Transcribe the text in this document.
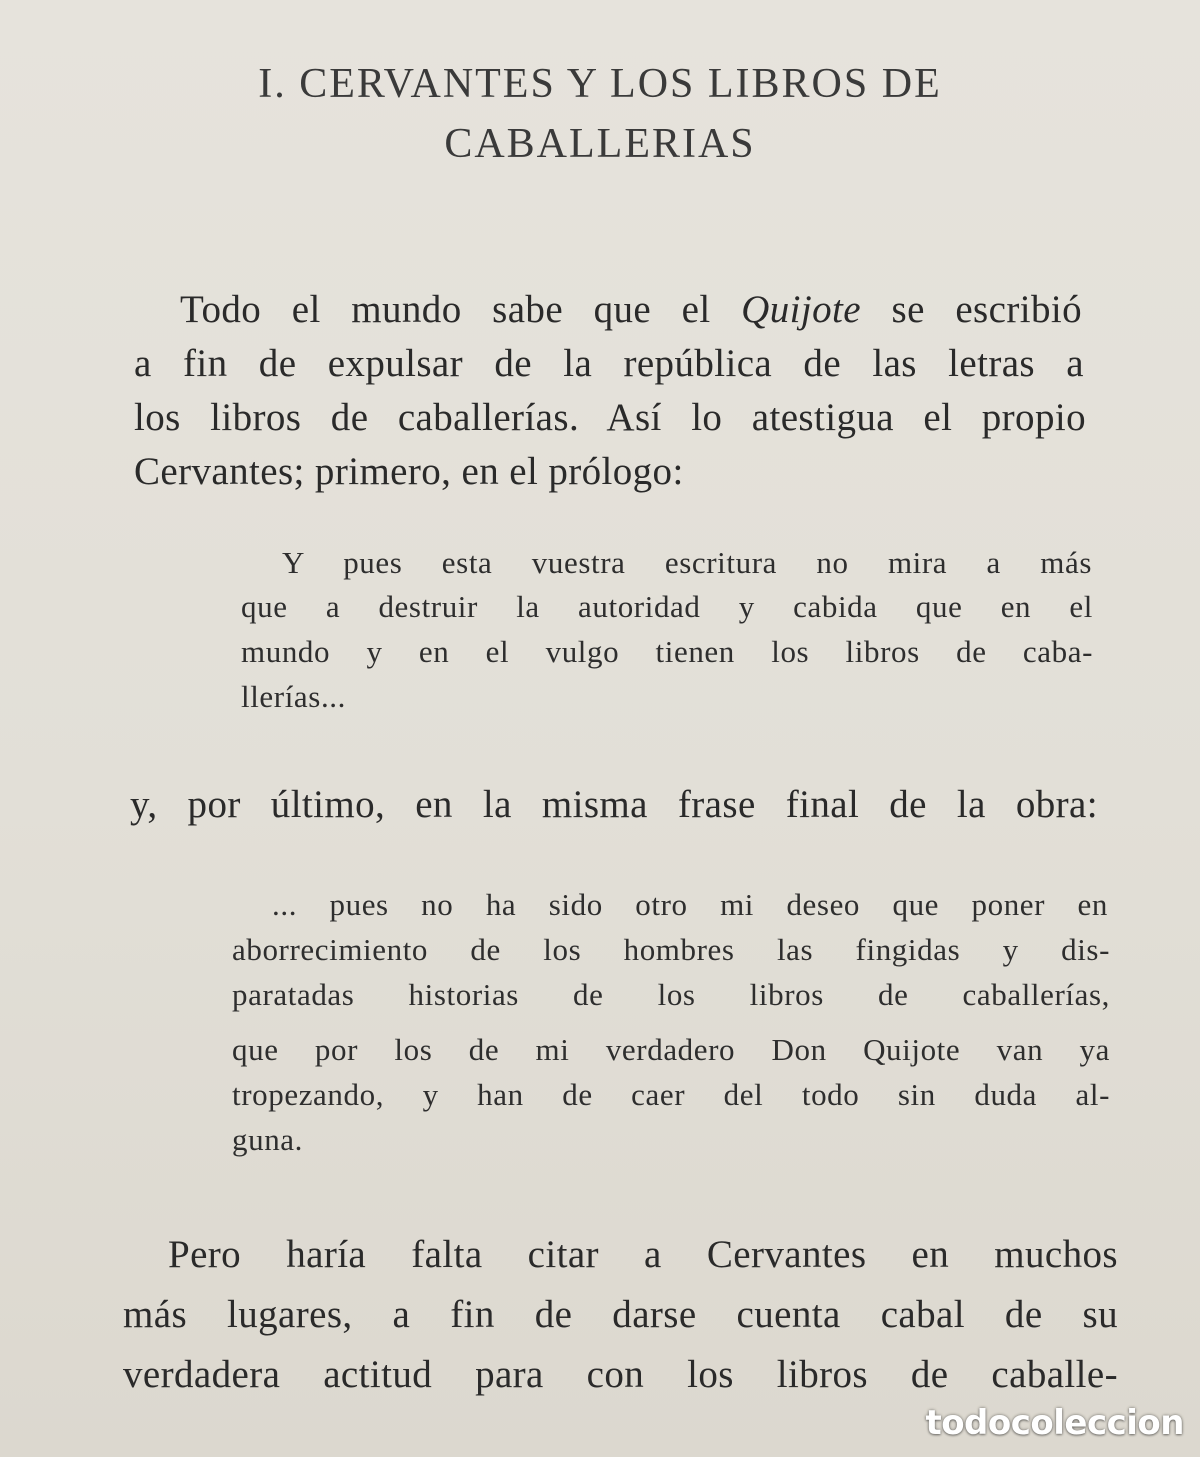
I. CERVANTES Y LOS LIBROS DE
CABALLERIAS

Todo el mundo sabe que el Quijote se escribió

a fin de expulsar de la república de las letras a

los libros de caballerías. Así lo atestigua el propio

Cervantes; primero, en el prólogo:

Y pues esta vuestra escritura no mira a más

que a destruir la autoridad y cabida que en el

mundo y en el vulgo tienen los libros de caba-

llerías...

y, por último, en la misma frase final de la obra:

... pues no ha sido otro mi deseo que poner en

aborrecimiento de los hombres las fingidas y dis-

paratadas historias de los libros de caballerías,

que por los de mi verdadero Don Quijote van ya

tropezando, y han de caer del todo sin duda al-

guna.

Pero haría falta citar a Cervantes en muchos

más lugares, a fin de darse cuenta cabal de su

verdadera actitud para con los libros de caballe-

todocoleccion
